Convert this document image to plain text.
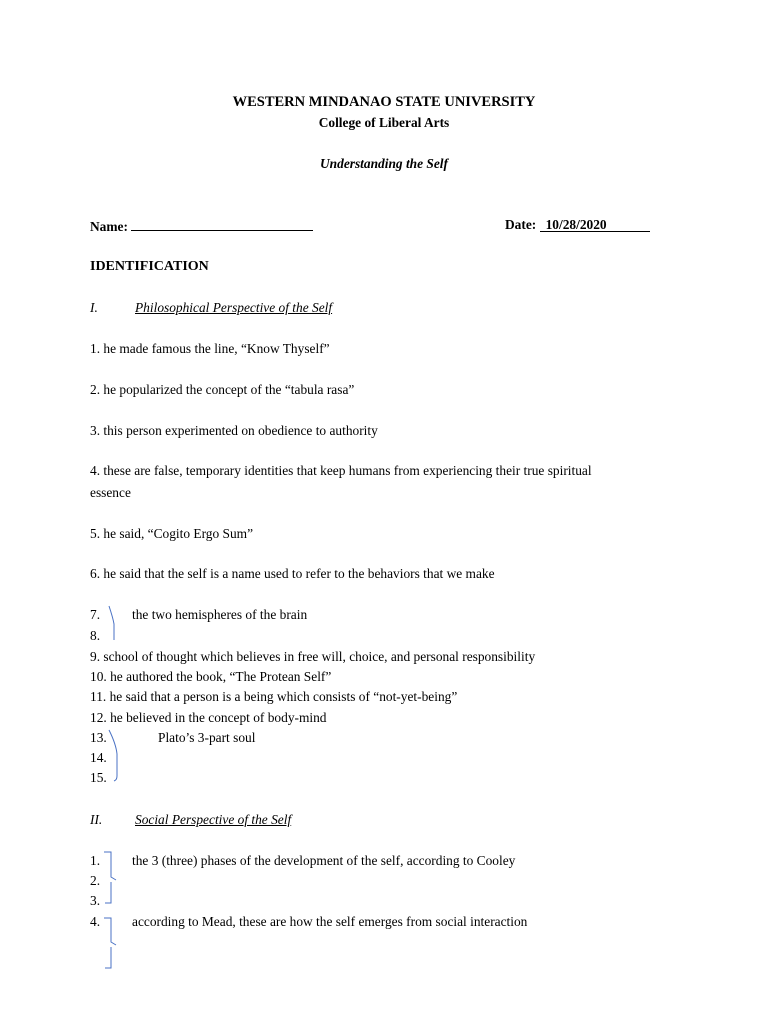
WESTERN MINDANAO STATE UNIVERSITY
College of Liberal Arts
Understanding the Self
Name:	Date: 10/28/2020
IDENTIFICATION
I.	Philosophical Perspective of the Self
1. he made famous the line, “Know Thyself”
2. he popularized the concept of the “tabula rasa”
3. this person experimented on obedience to authority
4. these are false, temporary identities that keep humans from experiencing their true spiritual
essence
5. he said, “Cogito Ergo Sum”
6. he said that the self is a name used to refer to the behaviors that we make
7. the two hemispheres of the brain
8.
9. school of thought which believes in free will, choice, and personal responsibility
10. he authored the book, “The Protean Self”
11. he said that a person is a being which consists of “not-yet-being”
12. he believed in the concept of body-mind
13.	Plato’s 3-part soul
14.
15.
II. Social Perspective of the Self
1. the 3 (three) phases of the development of the self, according to Cooley
2.
3.
4. according to Mead, these are how the self emerges from social interaction
